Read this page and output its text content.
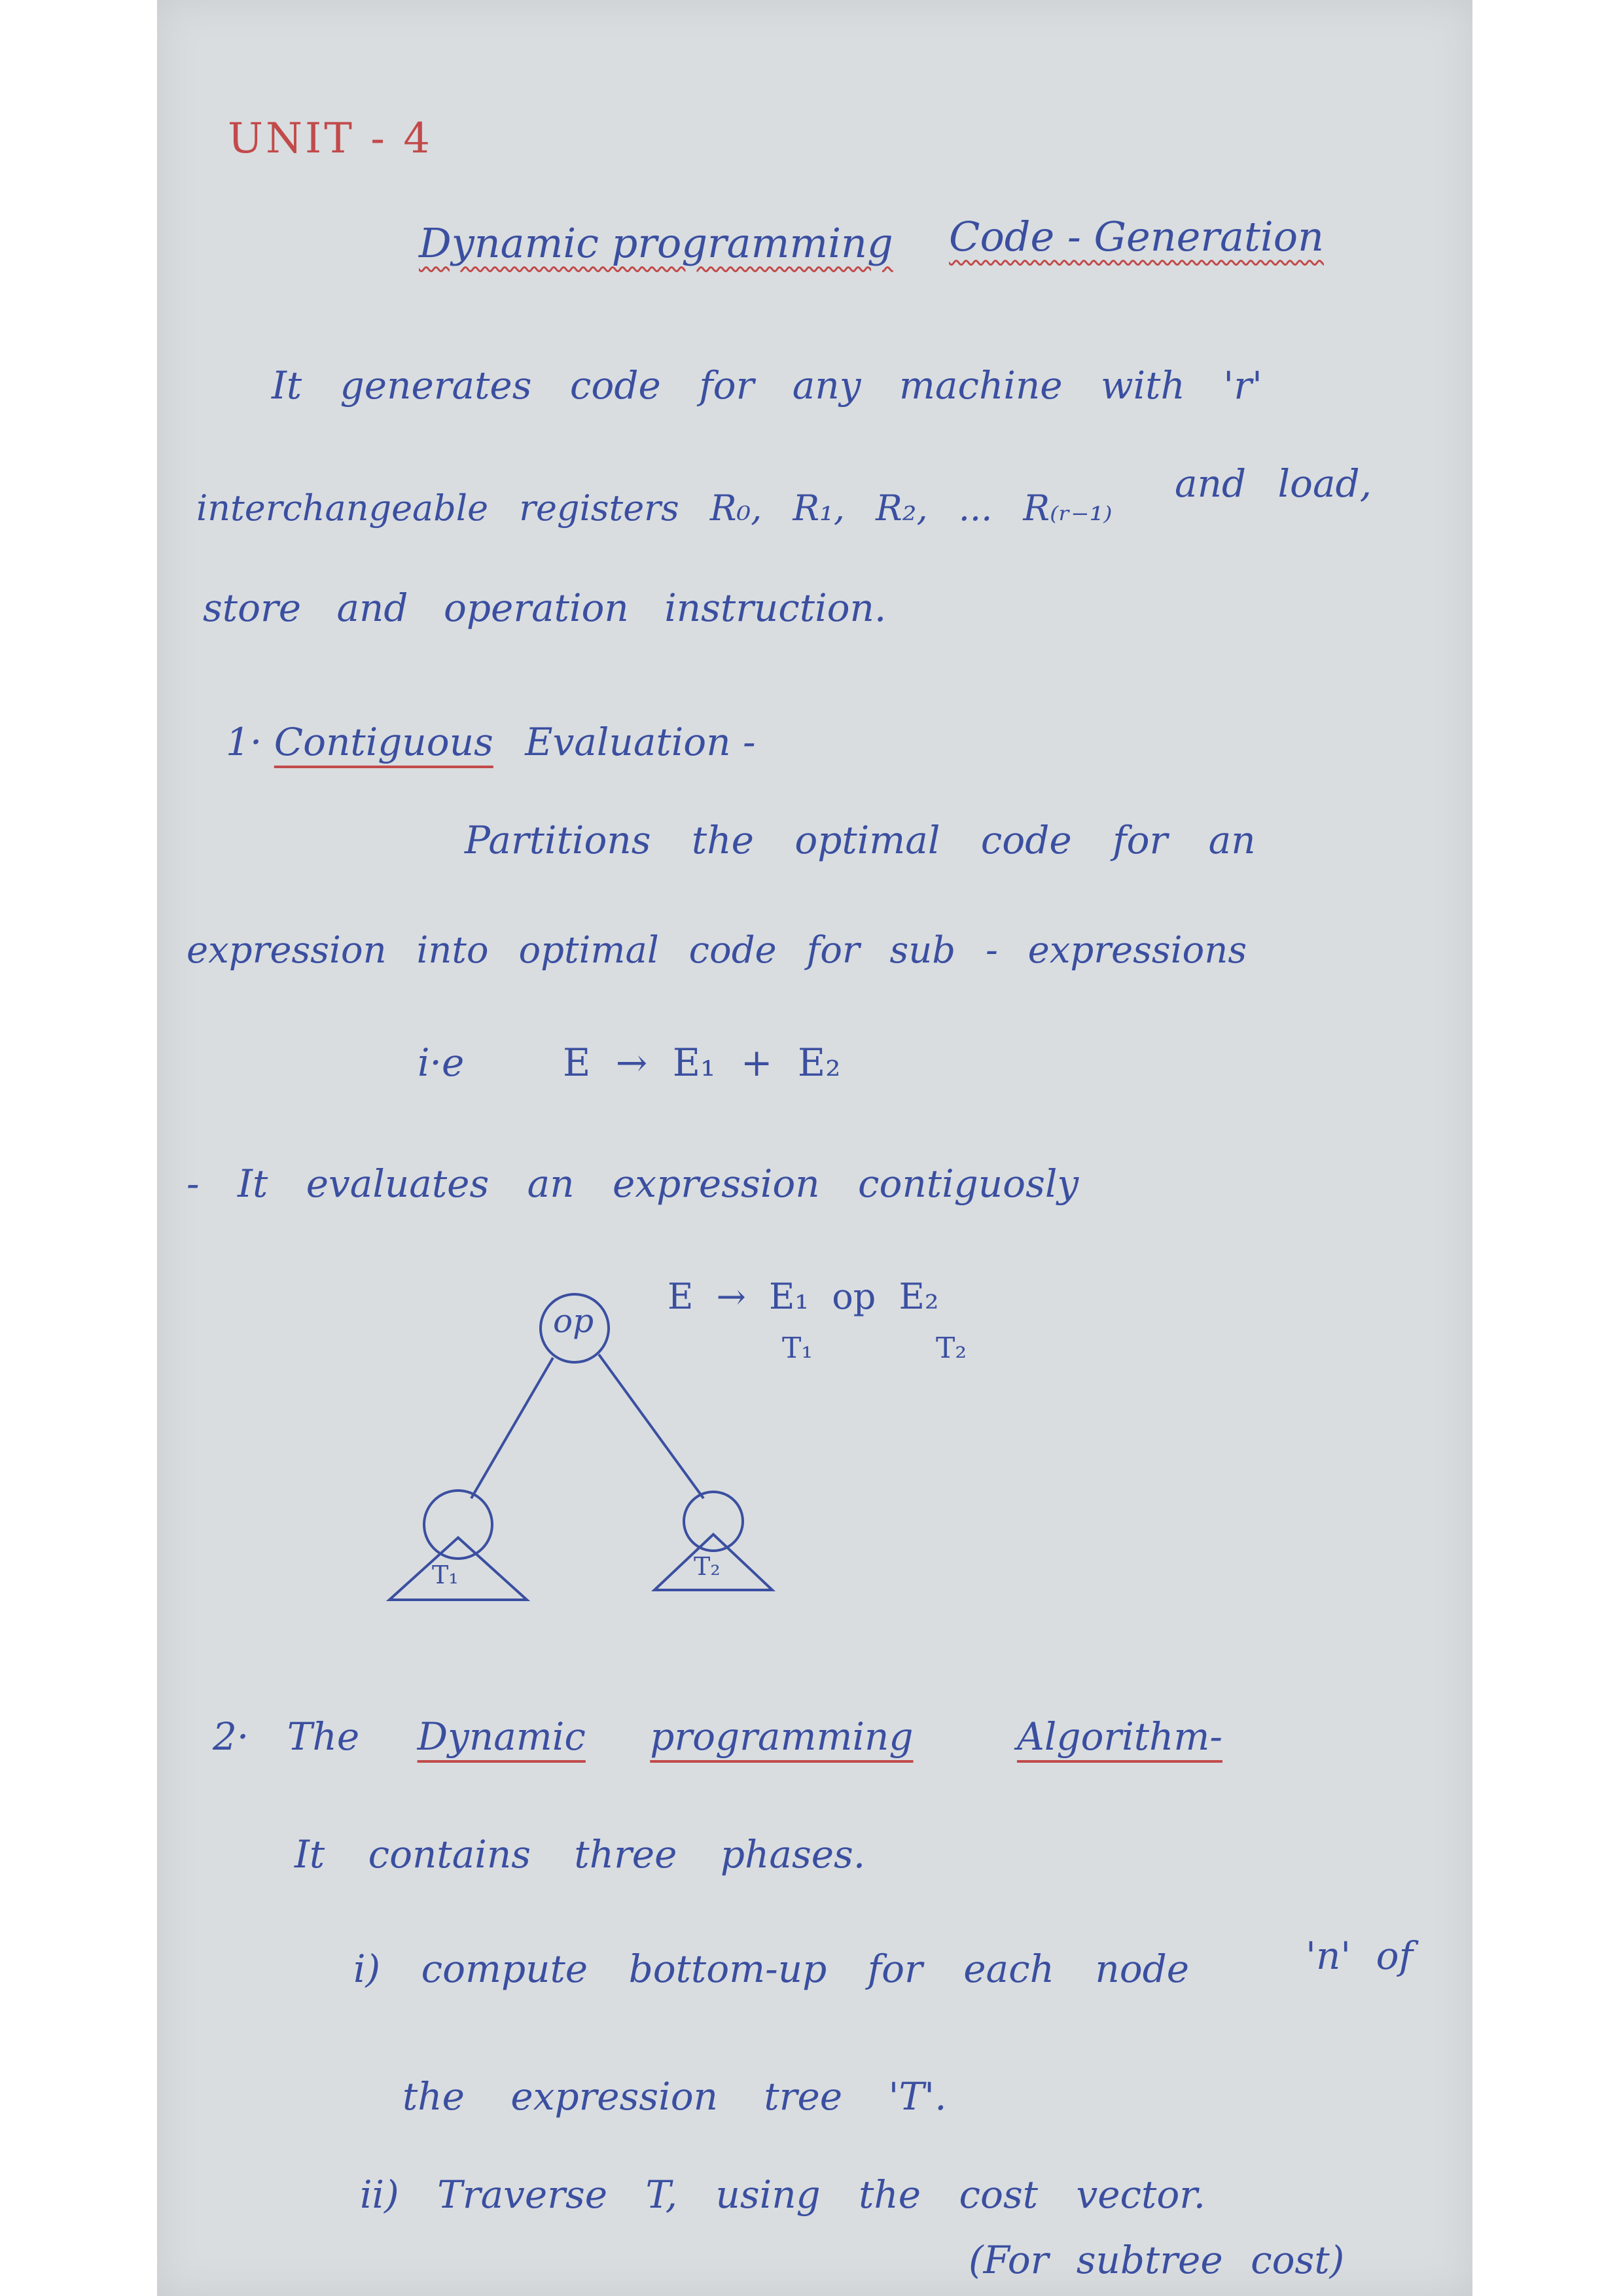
UNIT - 4
Dynamic programming Code - Generation
It generates code for any machine with 'r'
interchangeable registers R₀, R₁, R₂, ... R₍ᵣ₋₁₎
and load,
store and operation instruction.
1· Contiguous Evaluation -
Partitions the optimal code for an
expression into optimal code for sub - expressions
i·e	E → E₁ + E₂
- It evaluates an expression contiguosly
op
T₁	T₂
E → E₁ op E₂
T₁	T₂
2· The Dynamic programming	Algorithm-
It contains three phases.
i) compute bottom-up for each node	'n' of
the expression tree 'T'.
ii) Traverse T, using the cost vector.
(For subtree cost)
